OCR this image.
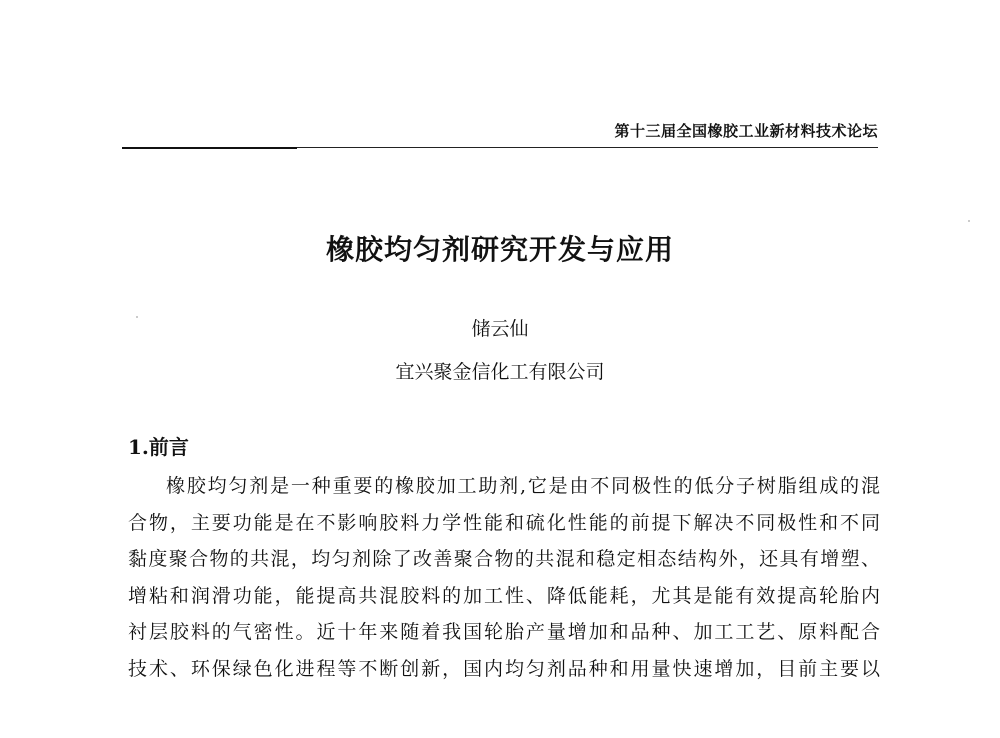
第十三届全国橡胶工业新材料技术论坛
橡胶均匀剂研究开发与应用
储云仙
宜兴聚金信化工有限公司
1.前言
橡胶均匀剂是一种重要的橡胶加工助剂,它是由不同极性的低分子树脂组成的混
合物，主要功能是在不影响胶料力学性能和硫化性能的前提下解决不同极性和不同
黏度聚合物的共混，均匀剂除了改善聚合物的共混和稳定相态结构外，还具有增塑、
增粘和润滑功能，能提高共混胶料的加工性、降低能耗，尤其是能有效提高轮胎内
衬层胶料的气密性。近十年来随着我国轮胎产量增加和品种、加工工艺、原料配合
技术、环保绿色化进程等不断创新，国内均匀剂品种和用量快速增加，目前主要以
